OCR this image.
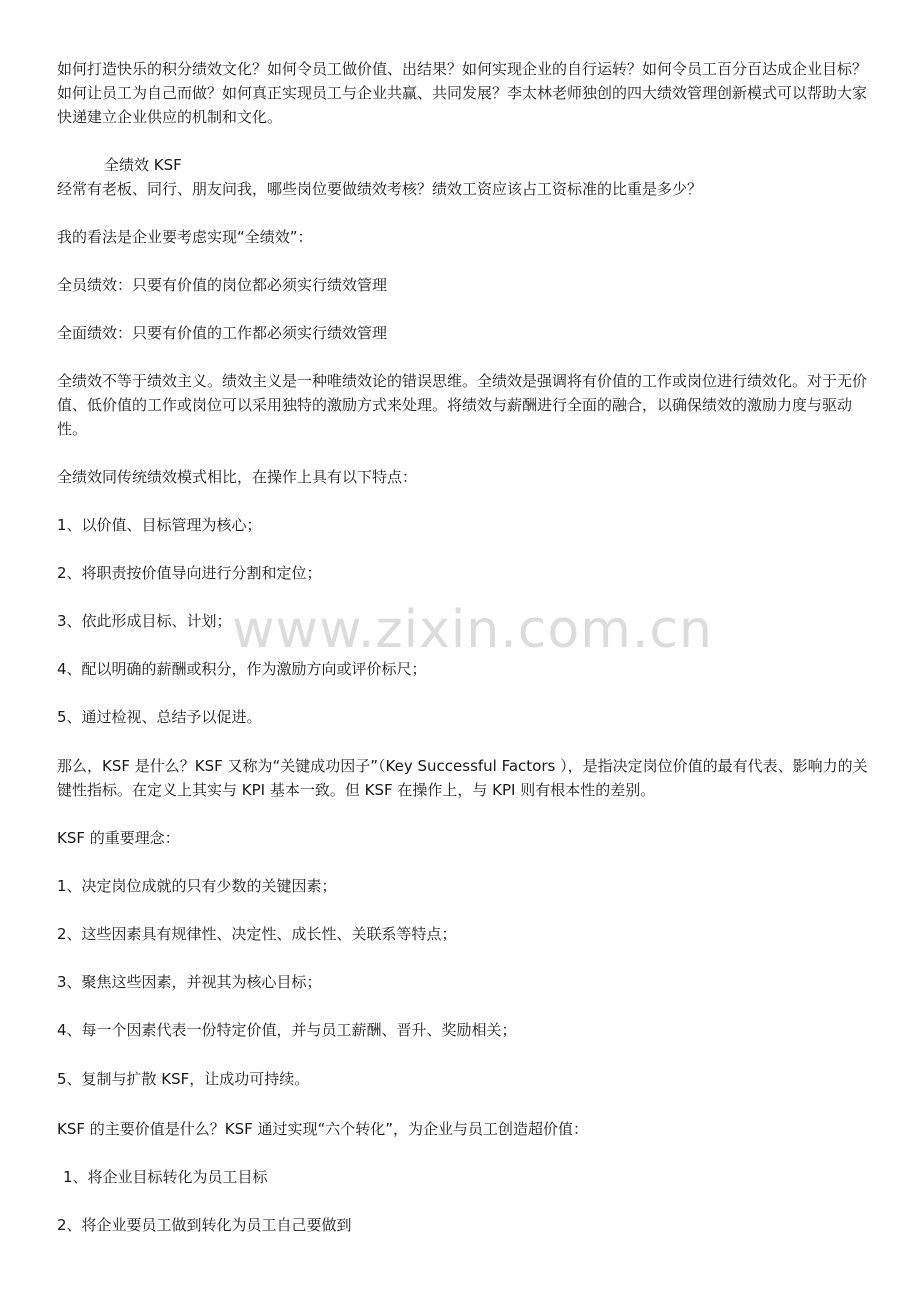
如何打造快乐的积分绩效文化？如何令员工做价值、出结果？如何实现企业的自行运转？如何令员工百分百达成企业目标？如何让员工为自己而做？如何真正实现员工与企业共赢、共同发展？李太林老师独创的四大绩效管理创新模式可以帮助大家快递建立企业供应的机制和文化。

全绩效 KSF

经常有老板、同行、朋友问我，哪些岗位要做绩效考核？绩效工资应该占工资标准的比重是多少？

我的看法是企业要考虑实现“全绩效”：

全员绩效：只要有价值的岗位都必须实行绩效管理

全面绩效：只要有价值的工作都必须实行绩效管理

全绩效不等于绩效主义。绩效主义是一种唯绩效论的错误思维。全绩效是强调将有价值的工作或岗位进行绩效化。对于无价值、低价值的工作或岗位可以采用独特的激励方式来处理。将绩效与薪酬进行全面的融合，以确保绩效的激励力度与驱动性。

全绩效同传统绩效模式相比，在操作上具有以下特点：

1、以价值、目标管理为核心；

2、将职责按价值导向进行分割和定位；

3、依此形成目标、计划；

4、配以明确的薪酬或积分，作为激励方向或评价标尺；

5、通过检视、总结予以促进。

那么，KSF 是什么？KSF 又称为“关键成功因子”（Key Successful Factors ），是指决定岗位价值的最有代表、影响力的关键性指标。在定义上其实与 KPI 基本一致。但 KSF 在操作上，与 KPI 则有根本性的差别。

KSF 的重要理念：

1、决定岗位成就的只有少数的关键因素；

2、这些因素具有规律性、决定性、成长性、关联系等特点；

3、聚焦这些因素，并视其为核心目标；

4、每一个因素代表一份特定价值，并与员工薪酬、晋升、奖励相关；

5、复制与扩散 KSF，让成功可持续。

KSF 的主要价值是什么？KSF 通过实现“六个转化”，为企业与员工创造超价值：

1、将企业目标转化为员工目标

2、将企业要员工做到转化为员工自己要做到

www.zixin.com.cn
